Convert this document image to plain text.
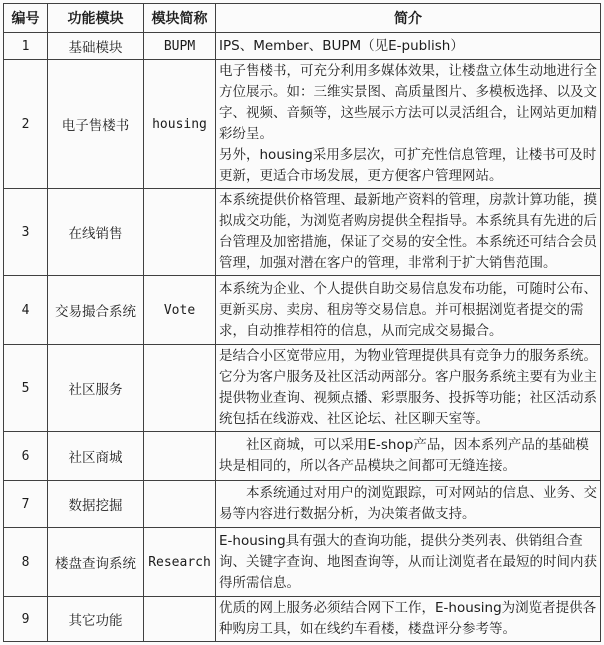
编号	功能模块	模块简称	简介
1	基础模块	BUPM	IPS、Member、BUPM（见E-publish）

2	电子售楼书	housing	电子售楼书，可充分利用多媒体效果，让楼盘立体生动地进行全方位展示。如：三维实景图、高质量图片、多模板选择、以及文字、视频、音频等，这些展示方法可以灵活组合，让网站更加精彩纷呈。

另外，housing采用多层次，可扩充性信息管理，让楼书可及时更新，更适合市场发展，更方便客户管理网站。

3	在线销售		本系统提供价格管理、最新地产资料的管理，房款计算功能，摸拟成交功能，为浏览者购房提供全程指导。本系统具有先进的后台管理及加密措施，保证了交易的安全性。本系统还可结合会员管理，加强对潜在客户的管理，非常利于扩大销售范围。

4	交易撮合系统	Vote	本系统为企业、个人提供自助交易信息发布功能，可随时公布、更新买房、卖房、租房等交易信息。并可根据浏览者提交的需求，自动推荐相符的信息，从而完成交易撮合。

5	社区服务		是结合小区宽带应用，为物业管理提供具有竞争力的服务系统。它分为客户服务及社区活动两部分。客户服务系统主要有为业主提供物业查询、视频点播、彩票服务、投拆等功能；社区活动系统包括在线游戏、社区论坛、社区聊天室等。

6	社区商城		社区商城，可以采用E-shop产品，因本系列产品的基础模块是相同的，所以各产品模块之间都可无缝连接。

7	数据挖掘		本系统通过对用户的浏览跟踪，可对网站的信息、业务、交易等内容进行数据分析，为决策者做支持。

8	楼盘查询系统	Research	E-housing具有强大的查询功能，提供分类列表、供销组合查询、关键字查询、地图查询等，从而让浏览者在最短的时间内获得所需信息。

9	其它功能		优质的网上服务必须结合网下工作，E-housing为浏览者提供各种购房工具，如在线约车看楼，楼盘评分参考等。
